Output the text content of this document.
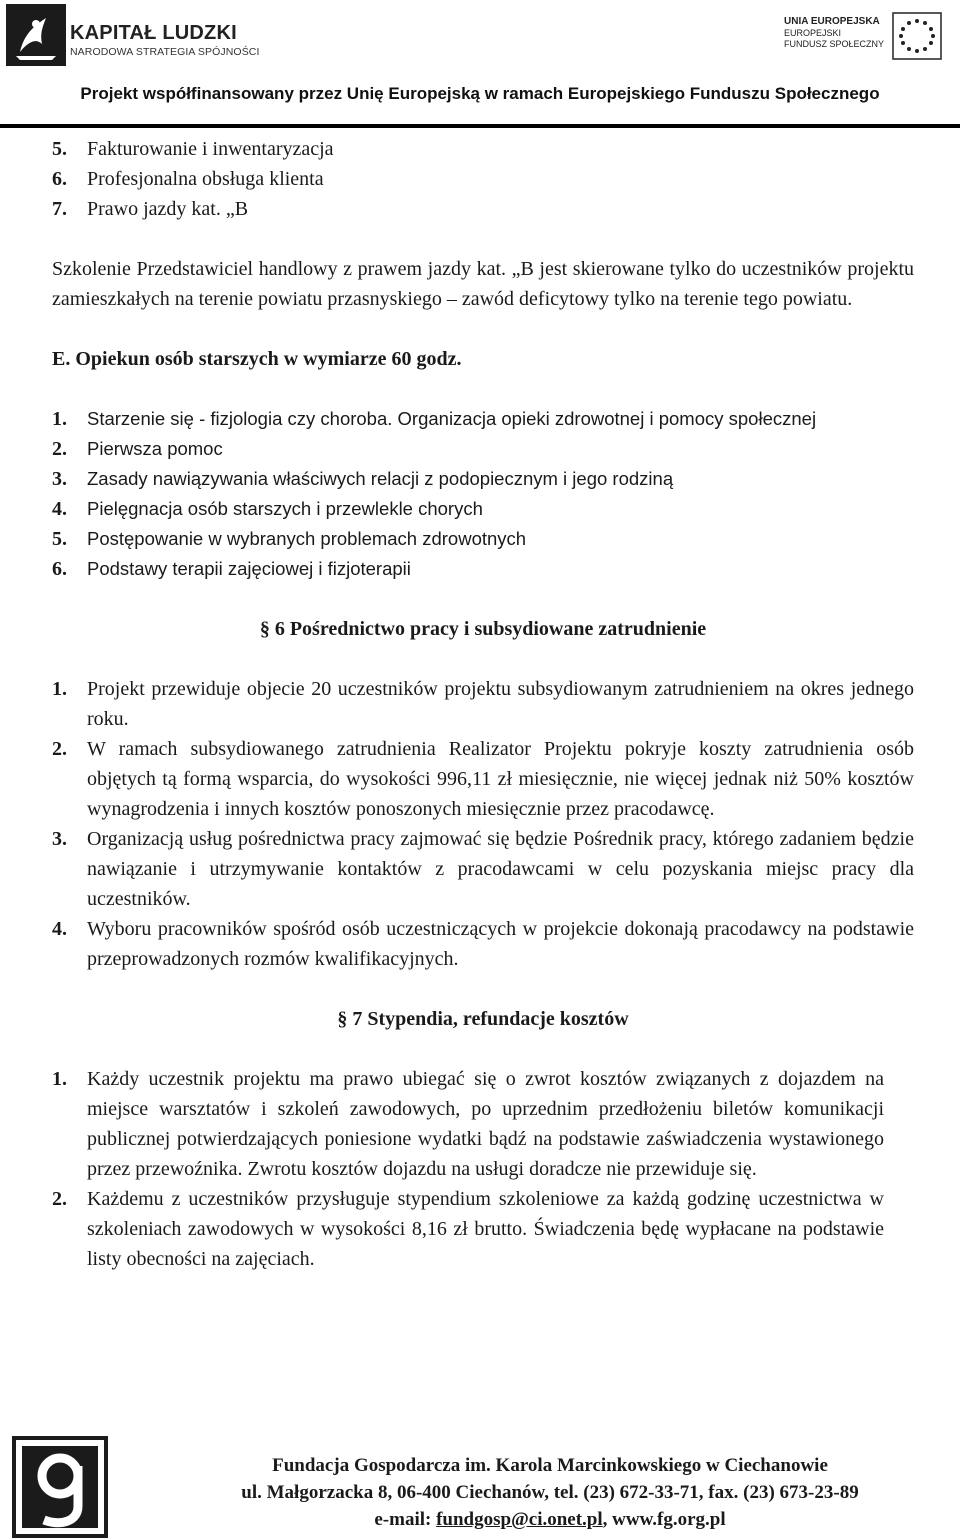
KAPITAŁ LUDZKI
NARODOWA STRATEGIA SPÓJNOŚCI
UNIA EUROPEJSKA
EUROPEJSKI
FUNDUSZ SPOŁECZNY
Projekt współfinansowany przez Unię Europejską w ramach Europejskiego Funduszu Społecznego
5.	Fakturowanie i inwentaryzacja
6.	Profesjonalna obsługa klienta
7.	Prawo jazdy kat. „B
Szkolenie Przedstawiciel handlowy z prawem jazdy kat. „B jest skierowane tylko do uczestników projektu zamieszkałych na terenie powiatu przasnyskiego – zawód deficytowy tylko na terenie tego powiatu.
E. Opiekun osób starszych w wymiarze 60 godz.
1.	Starzenie się - fizjologia czy choroba. Organizacja opieki zdrowotnej i pomocy społecznej
2.	Pierwsza pomoc
3.	Zasady nawiązywania właściwych relacji z podopiecznym i jego rodziną
4.	Pielęgnacja osób starszych i przewlekle chorych
5.	Postępowanie w wybranych problemach zdrowotnych
6.	Podstawy terapii zajęciowej i fizjoterapii
§ 6 Pośrednictwo pracy i subsydiowane zatrudnienie
1.	Projekt przewiduje objecie 20 uczestników projektu subsydiowanym zatrudnieniem na okres jednego roku.
2.	W ramach subsydiowanego zatrudnienia Realizator Projektu pokryje koszty zatrudnienia osób objętych tą formą wsparcia, do wysokości 996,11 zł miesięcznie, nie więcej jednak niż 50% kosztów wynagrodzenia i innych kosztów ponoszonych miesięcznie przez pracodawcę.
3.	Organizacją usług pośrednictwa pracy zajmować się będzie Pośrednik pracy, którego zadaniem będzie nawiązanie i utrzymywanie kontaktów z pracodawcami w celu pozyskania miejsc pracy dla uczestników.
4.	Wyboru pracowników spośród osób uczestniczących w projekcie dokonają pracodawcy na podstawie przeprowadzonych rozmów kwalifikacyjnych.
§ 7 Stypendia, refundacje kosztów
1.	Każdy uczestnik projektu ma prawo ubiegać się o zwrot kosztów związanych z dojazdem na miejsce warsztatów i szkoleń zawodowych, po uprzednim przedłożeniu biletów komunikacji publicznej potwierdzających poniesione wydatki bądź na podstawie zaświadczenia wystawionego przez przewoźnika. Zwrotu kosztów dojazdu na usługi doradcze nie przewiduje się.
2.	Każdemu z uczestników przysługuje stypendium szkoleniowe za każdą godzinę uczestnictwa w szkoleniach zawodowych w wysokości 8,16 zł brutto. Świadczenia będę wypłacane na podstawie listy obecności na zajęciach.
Fundacja Gospodarcza im. Karola Marcinkowskiego w Ciechanowie
ul. Małgorzacka 8, 06-400 Ciechanów, tel. (23) 672-33-71, fax. (23) 673-23-89
e-mail: fundgosp@ci.onet.pl, www.fg.org.pl
